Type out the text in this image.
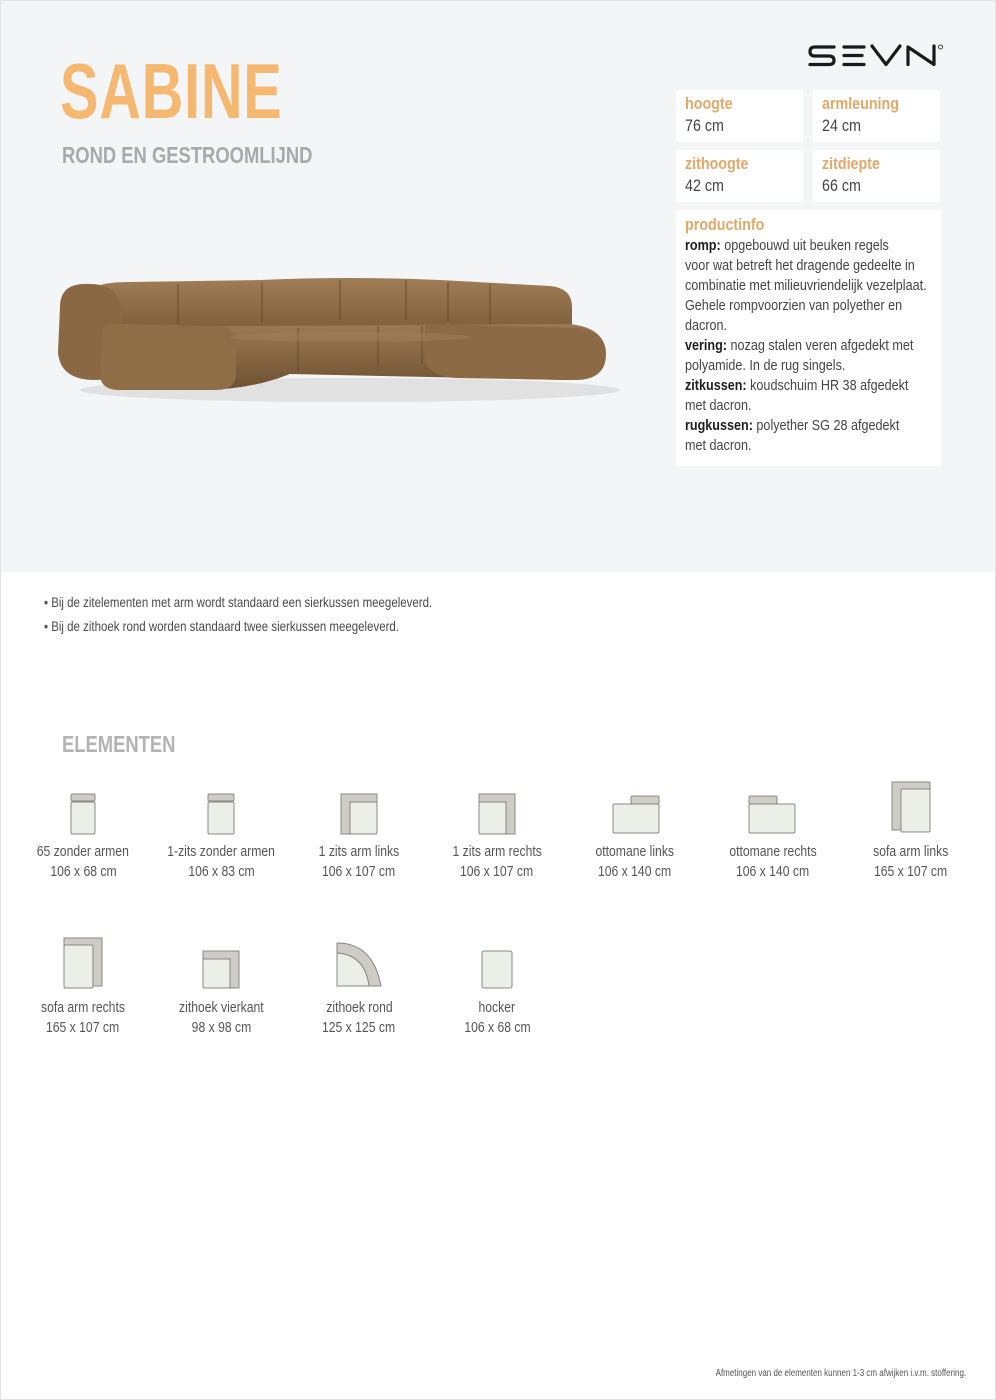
SABINE
ROND EN GESTROOMLIJND
hoogte
76 cm
armleuning
24 cm
zithoogte
42 cm
zitdiepte
66 cm
productinfo
romp: opgebouwd uit beuken regels
voor wat betreft het dragende gedeelte in
combinatie met milieuvriendelijk vezelplaat.
Gehele rompvoorzien van polyether en
dacron.
vering: nozag stalen veren afgedekt met
polyamide. In de rug singels.
zitkussen: koudschuim HR 38 afgedekt
met dacron.
rugkussen: polyether SG 28 afgedekt
met dacron.
• Bij de zitelementen met arm wordt standaard een sierkussen meegeleverd.
• Bij de zithoek rond worden standaard twee sierkussen meegeleverd.
ELEMENTEN
65 zonder armen
106 x 68 cm
1-zits zonder armen
106 x 83 cm
1 zits arm links
106 x 107 cm
1 zits arm rechts
106 x 107 cm
ottomane links
106 x 140 cm
ottomane rechts
106 x 140 cm
sofa arm links
165 x 107 cm
sofa arm rechts
165 x 107 cm
zithoek vierkant
98 x 98 cm
zithoek rond
125 x 125 cm
hocker
106 x 68 cm
Afmetingen van de elementen kunnen 1-3 cm afwijken i.v.m. stoffering.
